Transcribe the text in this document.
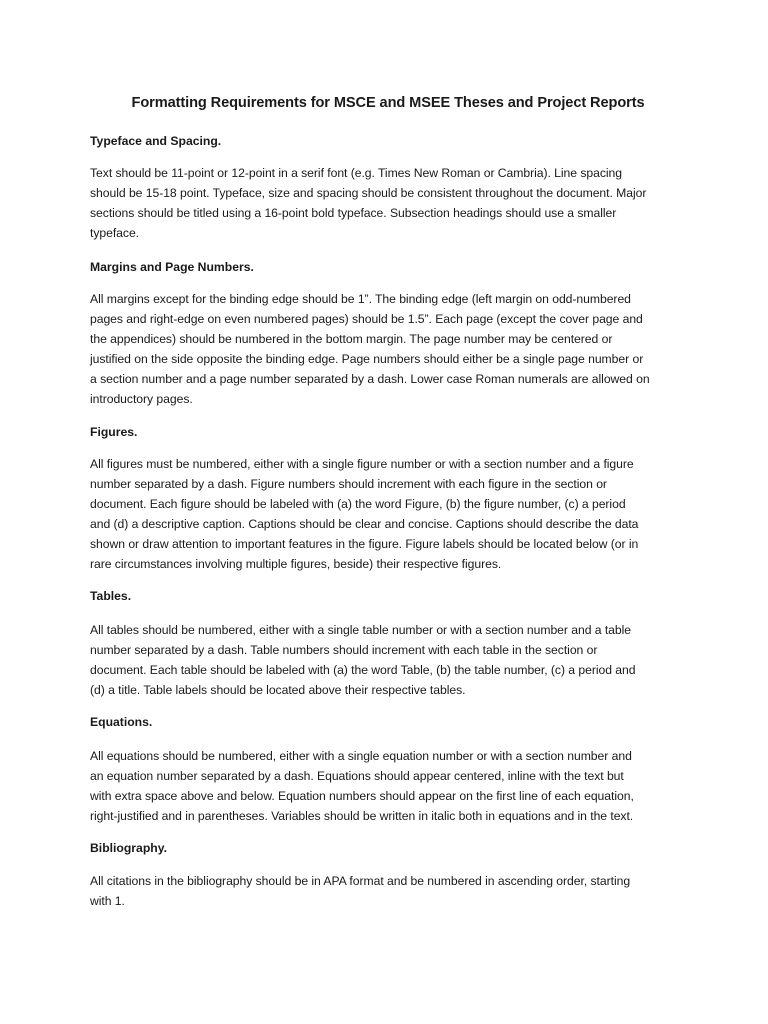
Formatting Requirements for MSCE and MSEE Theses and Project Reports
Typeface and Spacing.
Text should be 11-point or 12-point in a serif font (e.g. Times New Roman or Cambria). Line spacing
should be 15-18 point. Typeface, size and spacing should be consistent throughout the document. Major
sections should be titled using a 16-point bold typeface. Subsection headings should use a smaller
typeface.
Margins and Page Numbers.
All margins except for the binding edge should be 1”. The binding edge (left margin on odd-numbered
pages and right-edge on even numbered pages) should be 1.5”. Each page (except the cover page and
the appendices) should be numbered in the bottom margin. The page number may be centered or
justified on the side opposite the binding edge. Page numbers should either be a single page number or
a section number and a page number separated by a dash. Lower case Roman numerals are allowed on
introductory pages.
Figures.
All figures must be numbered, either with a single figure number or with a section number and a figure
number separated by a dash. Figure numbers should increment with each figure in the section or
document. Each figure should be labeled with (a) the word Figure, (b) the figure number, (c) a period
and (d) a descriptive caption. Captions should be clear and concise. Captions should describe the data
shown or draw attention to important features in the figure. Figure labels should be located below (or in
rare circumstances involving multiple figures, beside) their respective figures.
Tables.
All tables should be numbered, either with a single table number or with a section number and a table
number separated by a dash. Table numbers should increment with each table in the section or
document. Each table should be labeled with (a) the word Table, (b) the table number, (c) a period and
(d) a title. Table labels should be located above their respective tables.
Equations.
All equations should be numbered, either with a single equation number or with a section number and
an equation number separated by a dash. Equations should appear centered, inline with the text but
with extra space above and below. Equation numbers should appear on the first line of each equation,
right-justified and in parentheses. Variables should be written in italic both in equations and in the text.
Bibliography.
All citations in the bibliography should be in APA format and be numbered in ascending order, starting
with 1.
